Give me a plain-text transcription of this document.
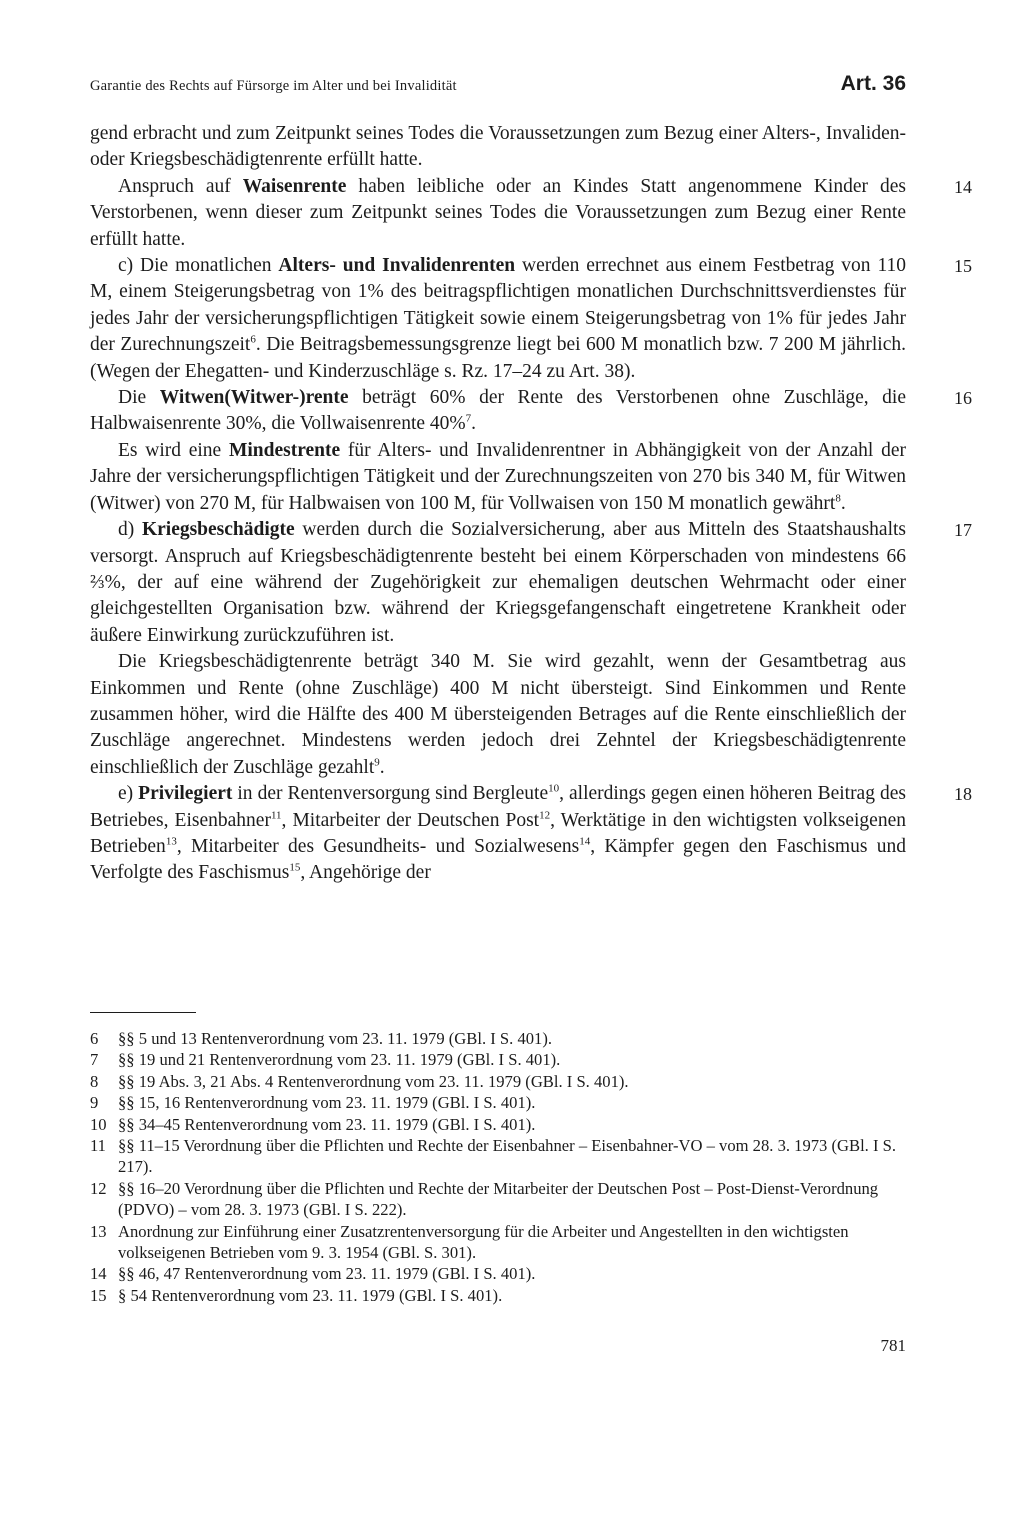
Garantie des Rechts auf Fürsorge im Alter und bei Invalidität	Art. 36

gend erbracht und zum Zeitpunkt seines Todes die Voraussetzungen zum Bezug einer Alters-, Invaliden- oder Kriegsbeschädigtenrente erfüllt hatte.

Anspruch auf Waisenrente haben leibliche oder an Kindes Statt angenommene Kinder des Verstorbenen, wenn dieser zum Zeitpunkt seines Todes die Voraussetzungen zum Bezug einer Rente erfüllt hatte.
14

c) Die monatlichen Alters- und Invalidenrenten werden errechnet aus einem Festbetrag von 110 M, einem Steigerungsbetrag von 1% des beitragspflichtigen monatlichen Durchschnittsverdienstes für jedes Jahr der versicherungspflichtigen Tätigkeit sowie einem Steigerungsbetrag von 1% für jedes Jahr der Zurechnungszeit$^6$. Die Beitragsbemessungsgrenze liegt bei 600 M monatlich bzw. 7 200 M jährlich. (Wegen der Ehegatten- und Kinderzuschläge s. Rz. 17–24 zu Art. 38).
15

Die Witwen(Witwer-)rente beträgt 60% der Rente des Verstorbenen ohne Zuschläge, die Halbwaisenrente 30%, die Vollwaisenrente 40%$^7$.
16

Es wird eine Mindestrente für Alters- und Invalidenrentner in Abhängigkeit von der Anzahl der Jahre der versicherungspflichtigen Tätigkeit und der Zurechnungszeiten von 270 bis 340 M, für Witwen (Witwer) von 270 M, für Halbwaisen von 100 M, für Vollwaisen von 150 M monatlich gewährt$^8$.

d) Kriegsbeschädigte werden durch die Sozialversicherung, aber aus Mitteln des Staatshaushalts versorgt. Anspruch auf Kriegsbeschädigtenrente besteht bei einem Körperschaden von mindestens 66 ⅔%, der auf eine während der Zugehörigkeit zur ehemaligen deutschen Wehrmacht oder einer gleichgestellten Organisation bzw. während der Kriegsgefangenschaft eingetretene Krankheit oder äußere Einwirkung zurückzuführen ist.
17

Die Kriegsbeschädigtenrente beträgt 340 M. Sie wird gezahlt, wenn der Gesamtbetrag aus Einkommen und Rente (ohne Zuschläge) 400 M nicht übersteigt. Sind Einkommen und Rente zusammen höher, wird die Hälfte des 400 M übersteigenden Betrages auf die Rente einschließlich der Zuschläge angerechnet. Mindestens werden jedoch drei Zehntel der Kriegsbeschädigtenrente einschließlich der Zuschläge gezahlt$^9$.

e) Privilegiert in der Rentenversorgung sind Bergleute$^{10}$, allerdings gegen einen höheren Beitrag des Betriebes, Eisenbahner$^{11}$, Mitarbeiter der Deutschen Post$^{12}$, Werktätige in den wichtigsten volkseigenen Betrieben$^{13}$, Mitarbeiter des Gesundheits- und Sozialwesens$^{14}$, Kämpfer gegen den Faschismus und Verfolgte des Faschismus$^{15}$, Angehörige der
18

6	§§ 5 und 13 Rentenverordnung vom 23. 11. 1979 (GBl. I S. 401).
7	§§ 19 und 21 Rentenverordnung vom 23. 11. 1979 (GBl. I S. 401).
8	§§ 19 Abs. 3, 21 Abs. 4 Rentenverordnung vom 23. 11. 1979 (GBl. I S. 401).
9	§§ 15, 16 Rentenverordnung vom 23. 11. 1979 (GBl. I S. 401).
10 §§ 34–45 Rentenverordnung vom 23. 11. 1979 (GBl. I S. 401).
11 §§ 11–15 Verordnung über die Pflichten und Rechte der Eisenbahner – Eisenbahner-VO – vom 28. 3. 1973 (GBl. I S. 217).
12 §§ 16–20 Verordnung über die Pflichten und Rechte der Mitarbeiter der Deutschen Post – Post-Dienst-Verordnung (PDVO) – vom 28. 3. 1973 (GBl. I S. 222).
13 Anordnung zur Einführung einer Zusatzrentenversorgung für die Arbeiter und Angestellten in den wichtigsten volkseigenen Betrieben vom 9. 3. 1954 (GBl. S. 301).
14 §§ 46, 47 Rentenverordnung vom 23. 11. 1979 (GBl. I S. 401).
15 § 54 Rentenverordnung vom 23. 11. 1979 (GBl. I S. 401).
781
